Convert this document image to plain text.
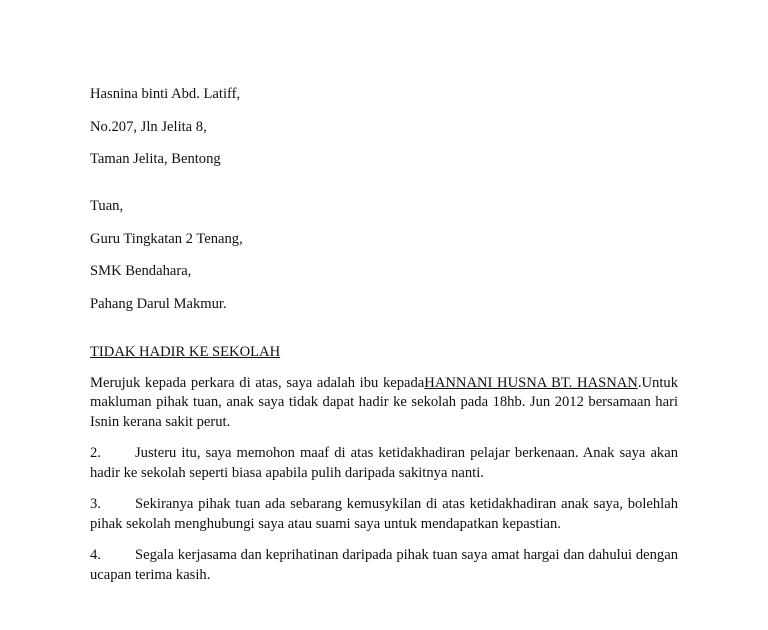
Hasnina binti Abd. Latiff,
No.207, Jln Jelita 8,
Taman Jelita, Bentong
Tuan,
Guru Tingkatan 2 Tenang,
SMK Bendahara,
Pahang Darul Makmur.
TIDAK HADIR KE SEKOLAH

Merujuk kepada perkara di atas, saya adalah ibu kepadaHANNANI HUSNA BT. HASNAN.Untuk makluman pihak tuan, anak saya tidak dapat hadir ke sekolah pada 18hb. Jun 2012 bersamaan hari Isnin kerana sakit perut.

2. Justeru itu, saya memohon maaf di atas ketidakhadiran pelajar berkenaan. Anak saya akan hadir ke sekolah seperti biasa apabila pulih daripada sakitnya nanti.

3. Sekiranya pihak tuan ada sebarang kemusykilan di atas ketidakhadiran anak saya, bolehlah pihak sekolah menghubungi saya atau suami saya untuk mendapatkan kepastian.

4. Segala kerjasama dan keprihatinan daripada pihak tuan saya amat hargai dan dahului dengan ucapan terima kasih.
